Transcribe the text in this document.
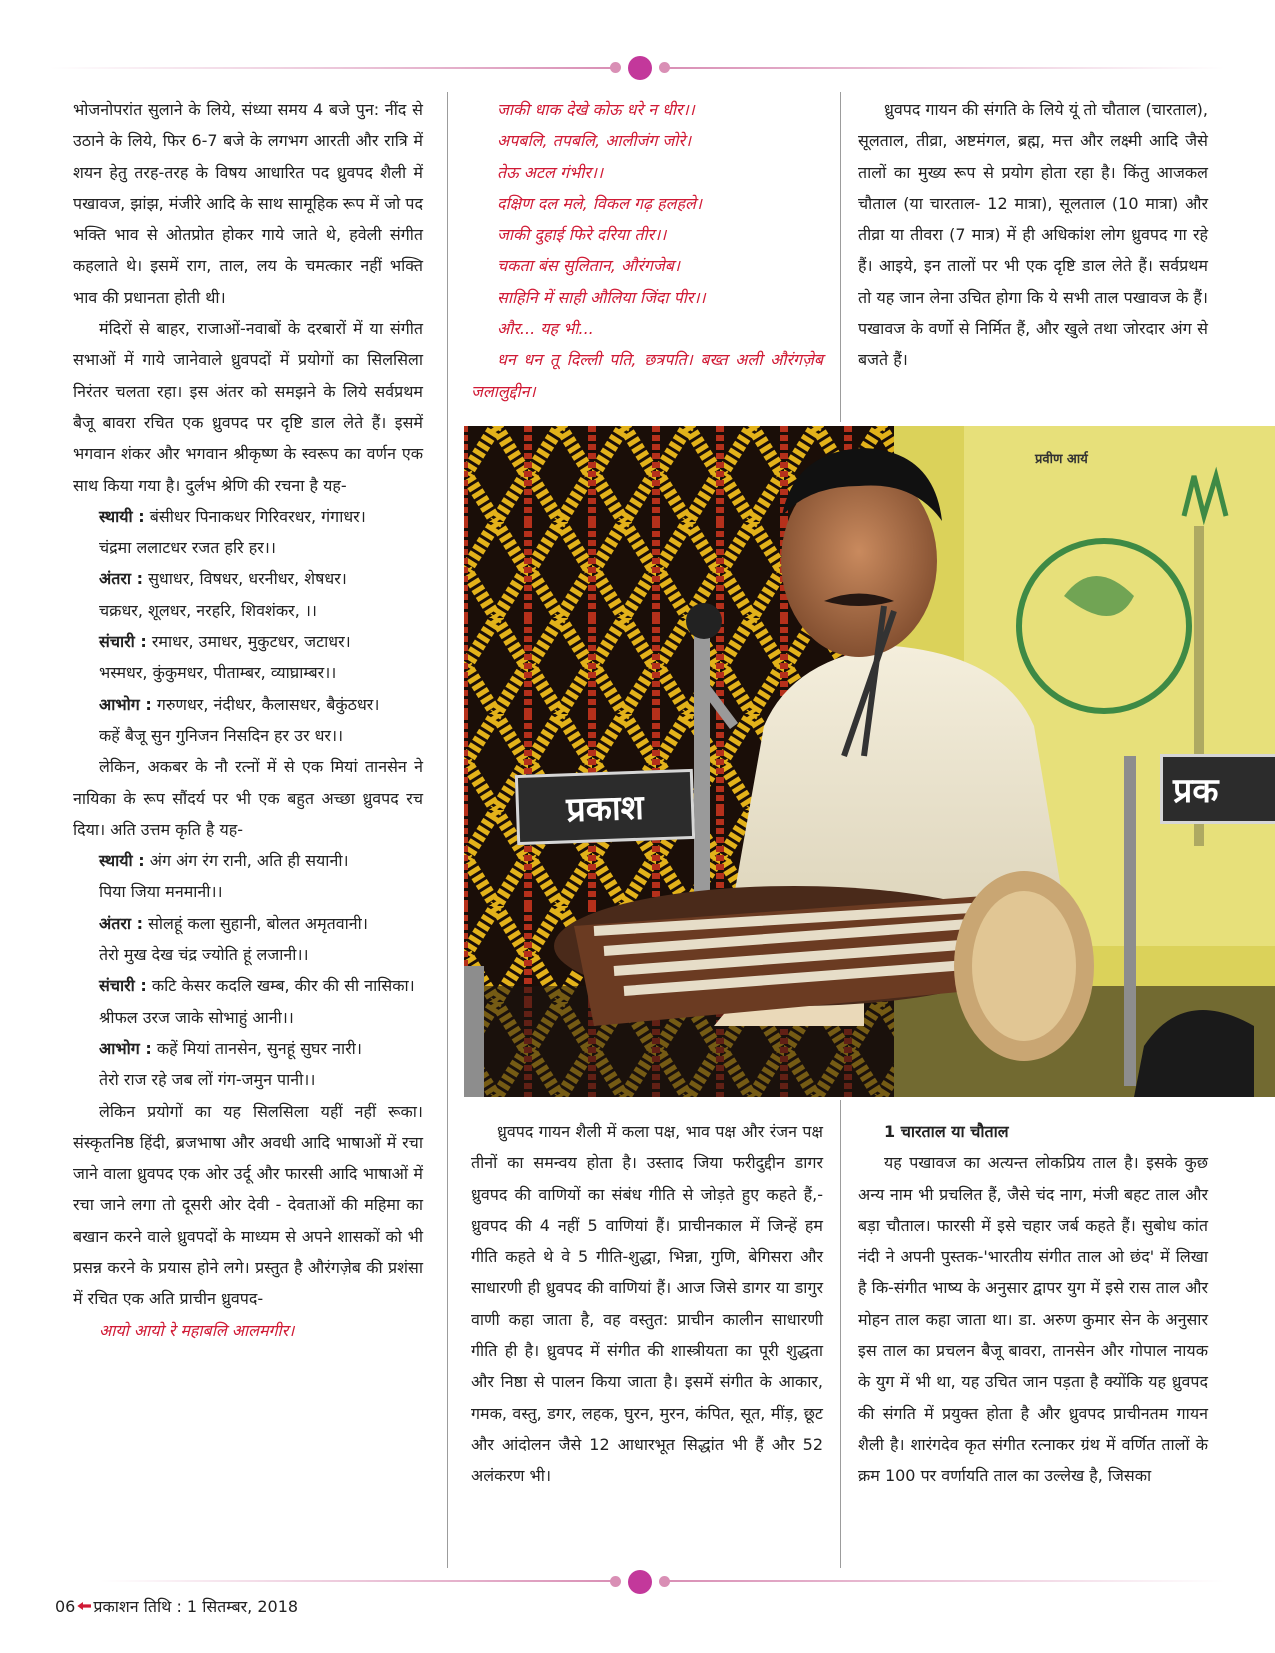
भोजनोपरांत सुलाने के लिये, संध्या समय 4 बजे पुन: नींद से उठाने के लिये, फिर 6-7 बजे के लगभग आरती और रात्रि में शयन हेतु तरह-तरह के विषय आधारित पद ध्रुवपद शैली में पखावज, झांझ, मंजीरे आदि के साथ सामूहिक रूप में जो पद भक्ति भाव से ओतप्रोत होकर गाये जाते थे, हवेली संगीत कहलाते थे। इसमें राग, ताल, लय के चमत्कार नहीं भक्ति भाव की प्रधानता होती थी।

मंदिरों से बाहर, राजाओं-नवाबों के दरबारों में या संगीत सभाओं में गाये जानेवाले ध्रुवपदों में प्रयोगों का सिलसिला निरंतर चलता रहा। इस अंतर को समझने के लिये सर्वप्रथम बैजू बावरा रचित एक ध्रुवपद पर दृष्टि डाल लेते हैं। इसमें भगवान शंकर और भगवान श्रीकृष्ण के स्वरूप का वर्णन एक साथ किया गया है। दुर्लभ श्रेणि की रचना है यह-

स्थायी : बंसीधर पिनाकधर गिरिवरधर, गंगाधर।

चंद्रमा ललाटधर रजत हरि हर।।

अंतरा : सुधाधर, विषधर, धरनीधर, शेषधर।

चक्रधर, शूलधर, नरहरि, शिवशंकर, ।।

संचारी : रमाधर, उमाधर, मुकुटधर, जटाधर।

भस्मधर, कुंकुमधर, पीताम्बर, व्याघ्राम्बर।।

आभोग : गरुणधर, नंदीधर, कैलासधर, बैकुंठधर।

कहें बैजू सुन गुनिजन निसदिन हर उर धर।।

लेकिन, अकबर के नौ रत्नों में से एक मियां तानसेन ने नायिका के रूप सौंदर्य पर भी एक बहुत अच्छा ध्रुवपद रच दिया। अति उत्तम कृति है यह-

स्थायी : अंग अंग रंग रानी, अति ही सयानी।

पिया जिया मनमानी।।

अंतरा : सोलहूं कला सुहानी, बोलत अमृतवानी।

तेरो मुख देख चंद्र ज्योति हूं लजानी।।

संचारी : कटि केसर कदलि खम्ब, कीर की सी नासिका।

श्रीफल उरज जाके सोभाहुं आनी।।

आभोग : कहें मियां तानसेन, सुनहूं सुघर नारी।

तेरो राज रहे जब लों गंग-जमुन पानी।।

लेकिन प्रयोगों का यह सिलसिला यहीं नहीं रूका। संस्कृतनिष्ठ हिंदी, ब्रजभाषा और अवधी आदि भाषाओं में रचा जाने वाला ध्रुवपद एक ओर उर्दू और फारसी आदि भाषाओं में रचा जाने लगा तो दूसरी ओर देवी - देवताओं की महिमा का बखान करने वाले ध्रुवपदों के माध्यम से अपने शासकों को भी प्रसन्न करने के प्रयास होने लगे। प्रस्तुत है औरंगज़ेब की प्रशंसा में रचित एक अति प्राचीन ध्रुवपद-

आयो आयो रे महाबलि आलमगीर।

जाकी धाक देखे कोऊ धरे न धीर।।

अपबलि, तपबलि, आलीजंग जोरे।

तेऊ अटल गंभीर।।

दक्षिण दल मले, विकल गढ़ हलहले।

जाकी दुहाई फिरे दरिया तीर।।

चकता बंस सुलितान, औरंगजेब।

साहिनि में साही औलिया जिंदा पीर।।

और... यह भी...

धन धन तू दिल्ली पति, छत्रपति। बख्त अली औरंगज़ेब जलालुद्दीन।

ध्रुवपद गायन की संगति के लिये यूं तो चौताल (चारताल), सूलताल, तीव्रा, अष्टमंगल, ब्रह्म, मत्त और लक्ष्मी आदि जैसे तालों का मुख्य रूप से प्रयोग होता रहा है। किंतु आजकल चौताल (या चारताल- 12 मात्रा), सूलताल (10 मात्रा) और तीव्रा या तीवरा (7 मात्र) में ही अधिकांश लोग ध्रुवपद गा रहे हैं। आइये, इन तालों पर भी एक दृष्टि डाल लेते हैं। सर्वप्रथम तो यह जान लेना उचित होगा कि ये सभी ताल पखावज के हैं। पखावज के वर्णो से निर्मित हैं, और खुले तथा जोरदार अंग से बजते हैं।

प्रवीण आर्य
प्रकाश	प्रक

ध्रुवपद गायन शैली में कला पक्ष, भाव पक्ष और रंजन पक्ष तीनों का समन्वय होता है। उस्ताद जिया फरीदुद्दीन डागर ध्रुवपद की वाणियों का संबंध गीति से जोड़ते हुए कहते हैं,-ध्रुवपद की 4 नहीं 5 वाणियां हैं। प्राचीनकाल में जिन्हें हम गीति कहते थे वे 5 गीति-शुद्धा, भिन्ना, गुणि, बेगिसरा और साधारणी ही ध्रुवपद की वाणियां हैं। आज जिसे डागर या डागुर वाणी कहा जाता है, वह वस्तुत: प्राचीन कालीन साधारणी गीति ही है। ध्रुवपद में संगीत की शास्त्रीयता का पूरी शुद्धता और निष्ठा से पालन किया जाता है। इसमें संगीत के आकार, गमक, वस्तु, डगर, लहक, घुरन, मुरन, कंपित, सूत, मींड़, छूट और आंदोलन जैसे 12 आधारभूत सिद्धांत भी हैं और 52 अलंकरण भी।

1 चारताल या चौताल

यह पखावज का अत्यन्त लोकप्रिय ताल है। इसके कुछ अन्य नाम भी प्रचलित हैं, जैसे चंद नाग, मंजी बहट ताल और बड़ा चौताल। फारसी में इसे चहार जर्ब कहते हैं। सुबोध कांत नंदी ने अपनी पुस्तक-'भारतीय संगीत ताल ओ छंद' में लिखा है कि-संगीत भाष्य के अनुसार द्वापर युग में इसे रास ताल और मोहन ताल कहा जाता था। डा. अरुण कुमार सेन के अनुसार इस ताल का प्रचलन बैजू बावरा, तानसेन और गोपाल नायक के युग में भी था, यह उचित जान पड़ता है क्योंकि यह ध्रुवपद की संगति में प्रयुक्त होता है और ध्रुवपद प्राचीनतम गायन शैली है। शारंगदेव कृत संगीत रत्नाकर ग्रंथ में वर्णित तालों के क्रम 100 पर वर्णायति ताल का उल्लेख है, जिसका

06 प्रकाशन तिथि : 1 सितम्बर, 2018
